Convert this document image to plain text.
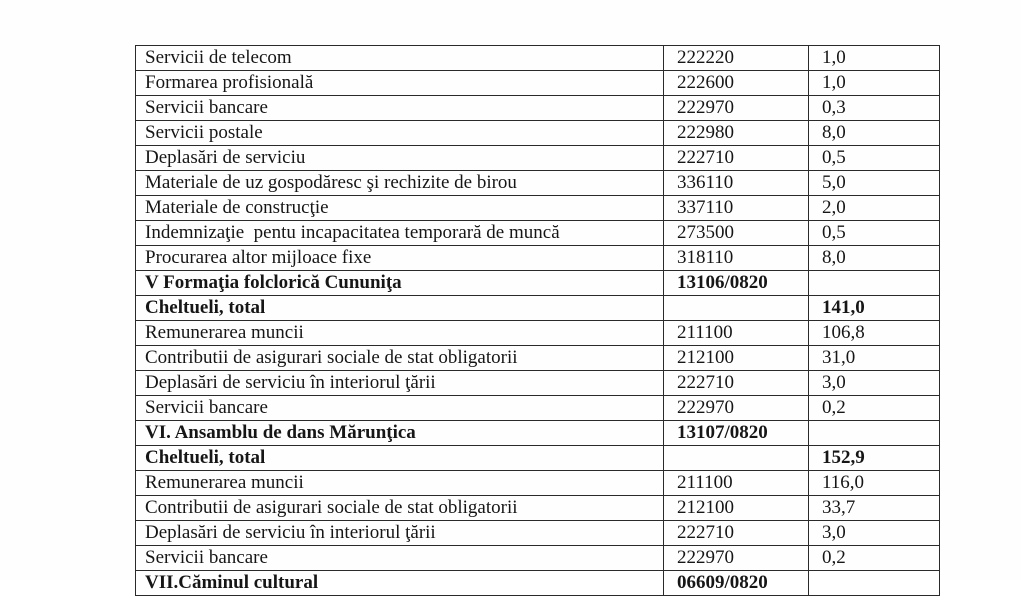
Servicii de telecom	222220	1,0
Formarea profisională	222600	1,0
Servicii bancare	222970	0,3
Servicii postale	222980	8,0
Deplasări de serviciu	222710	0,5
Materiale de uz gospodăresc şi rechizite de birou	336110	5,0
Materiale de construcţie	337110	2,0
Indemnizaţie  pentu incapacitatea temporară de muncă	273500	0,5
Procurarea altor mijloace fixe	318110	8,0
V Formaţia folclorică Cununiţa	13106/0820	
Cheltueli, total		141,0
Remunerarea muncii	211100	106,8
Contributii de asigurari sociale de stat obligatorii	212100	31,0
Deplasări de serviciu în interiorul ţării	222710	3,0
Servicii bancare	222970	0,2
VI. Ansamblu de dans Mărunţica	13107/0820	
Cheltueli, total		152,9
Remunerarea muncii	211100	116,0
Contributii de asigurari sociale de stat obligatorii	212100	33,7
Deplasări de serviciu în interiorul ţării	222710	3,0
Servicii bancare	222970	0,2
VII.Căminul cultural	06609/0820	
